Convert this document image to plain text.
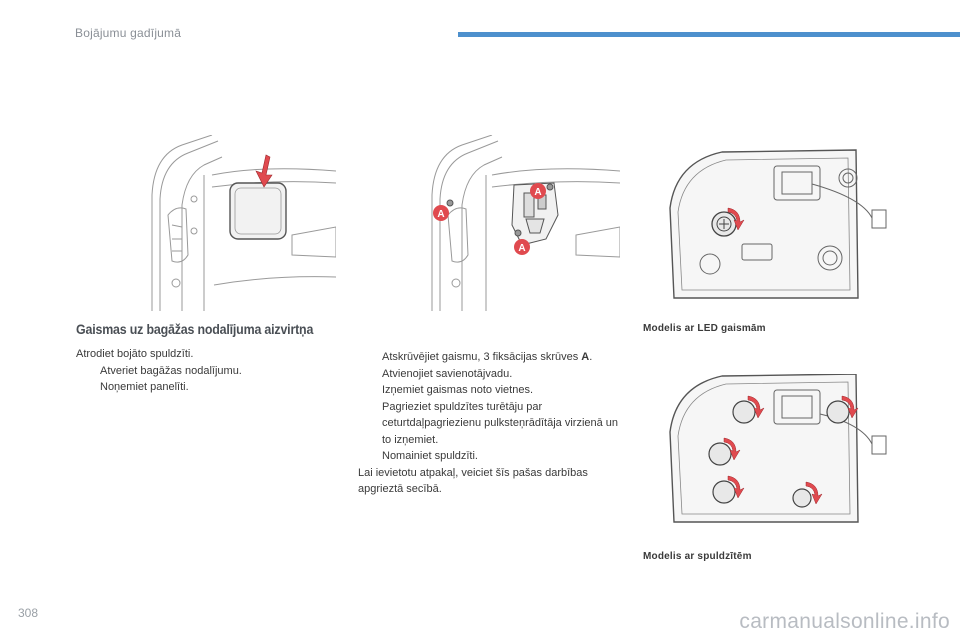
Bojājumu gadījumā
A
A
A
Gaismas uz bagāžas nodalījuma aizvirtņa	Modelis ar LED gaismām
Modelis ar spuldzītēm

Atrodiet bojāto spuldzīti.

Atveriet bagāžas nodalījumu.

Noņemiet panelīti.

Atskrūvējiet gaismu, 3 fiksācijas skrūves A.

Atvienojiet savienotājvadu.

Izņemiet gaismas noto vietnes.

Pagrieziet spuldzītes turētāju par ceturtdaļpagriezienu pulksteņrādītāja virzienā un to izņemiet.

Nomainiet spuldzīti.

Lai ievietotu atpakaļ, veiciet šīs pašas darbības apgrieztā secībā.

308	carmanualsonline.info
